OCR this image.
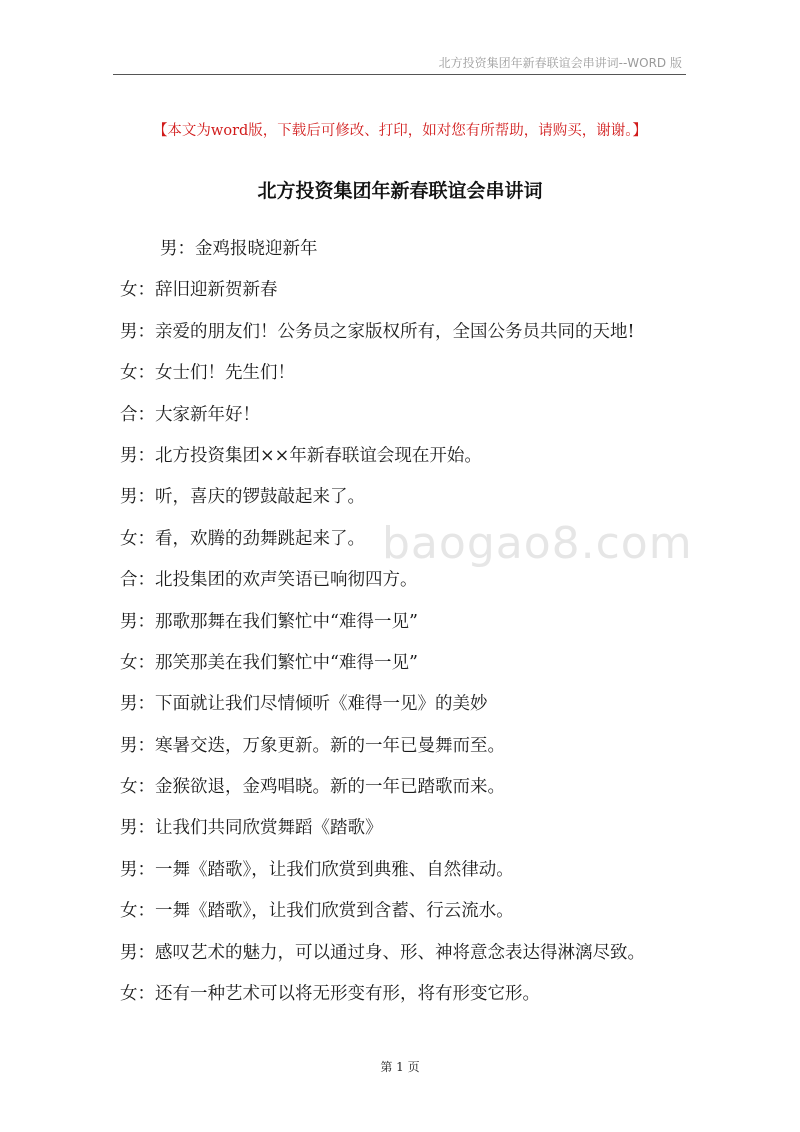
北方投资集团年新春联谊会串讲词--WORD 版
【本文为word版，下载后可修改、打印，如对您有所帮助，请购买，谢谢。】
北方投资集团年新春联谊会串讲词
baogao8.com
男：金鸡报晓迎新年
女：辞旧迎新贺新春
男：亲爱的朋友们！公务员之家版权所有，全国公务员共同的天地!
女：女士们！先生们！
合：大家新年好！
男：北方投资集团××年新春联谊会现在开始。
男：听，喜庆的锣鼓敲起来了。
女：看，欢腾的劲舞跳起来了。
合：北投集团的欢声笑语已响彻四方。
男：那歌那舞在我们繁忙中“难得一见”
女：那笑那美在我们繁忙中“难得一见”
男：下面就让我们尽情倾听《难得一见》的美妙
男：寒暑交迭，万象更新。新的一年已曼舞而至。
女：金猴欲退，金鸡唱晓。新的一年已踏歌而来。
男：让我们共同欣赏舞蹈《踏歌》
男：一舞《踏歌》，让我们欣赏到典雅、自然律动。
女：一舞《踏歌》，让我们欣赏到含蓄、行云流水。
男：感叹艺术的魅力，可以通过身、形、神将意念表达得淋漓尽致。
女：还有一种艺术可以将无形变有形，将有形变它形。
第 1 页
